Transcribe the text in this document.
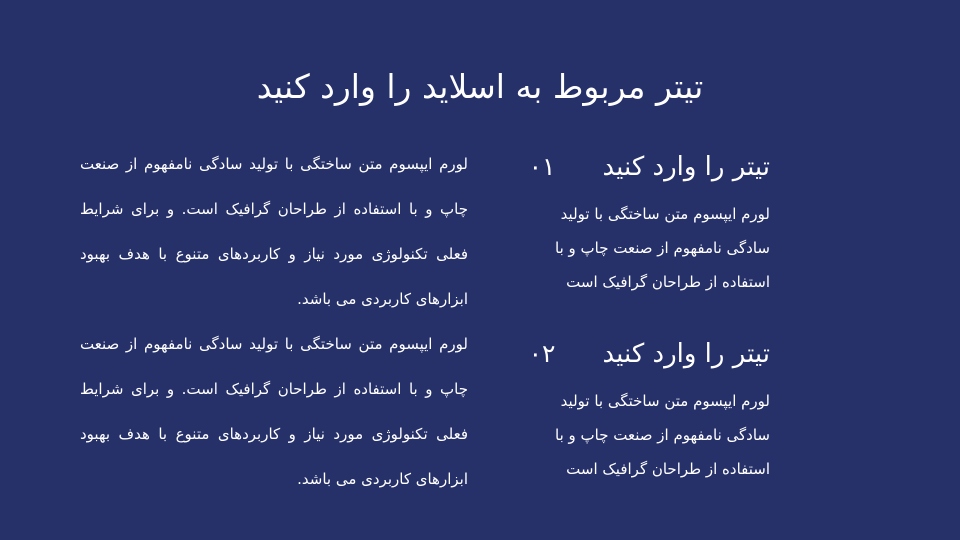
تیتر مربوط به اسلاید را وارد کنید

لورم ایپسوم متن ساختگی با تولید سادگی نامفهوم از صنعت چاپ و با استفاده از طراحان گرافیک است. و برای شرایط فعلی تکنولوژی مورد نیاز و کاربردهای متنوع با هدف بهبود ابزارهای کاربردی می باشد.

لورم ایپسوم متن ساختگی با تولید سادگی نامفهوم از صنعت چاپ و با استفاده از طراحان گرافیک است. و برای شرایط فعلی تکنولوژی مورد نیاز و کاربردهای متنوع با هدف بهبود ابزارهای کاربردی می باشد.

تیتر را وارد کنید
۰۱

لورم ایپسوم متن ساختگی با تولید سادگی نامفهوم از صنعت چاپ و با استفاده از طراحان گرافیک است

تیتر را وارد کنید
۰۲

لورم ایپسوم متن ساختگی با تولید سادگی نامفهوم از صنعت چاپ و با استفاده از طراحان گرافیک است
